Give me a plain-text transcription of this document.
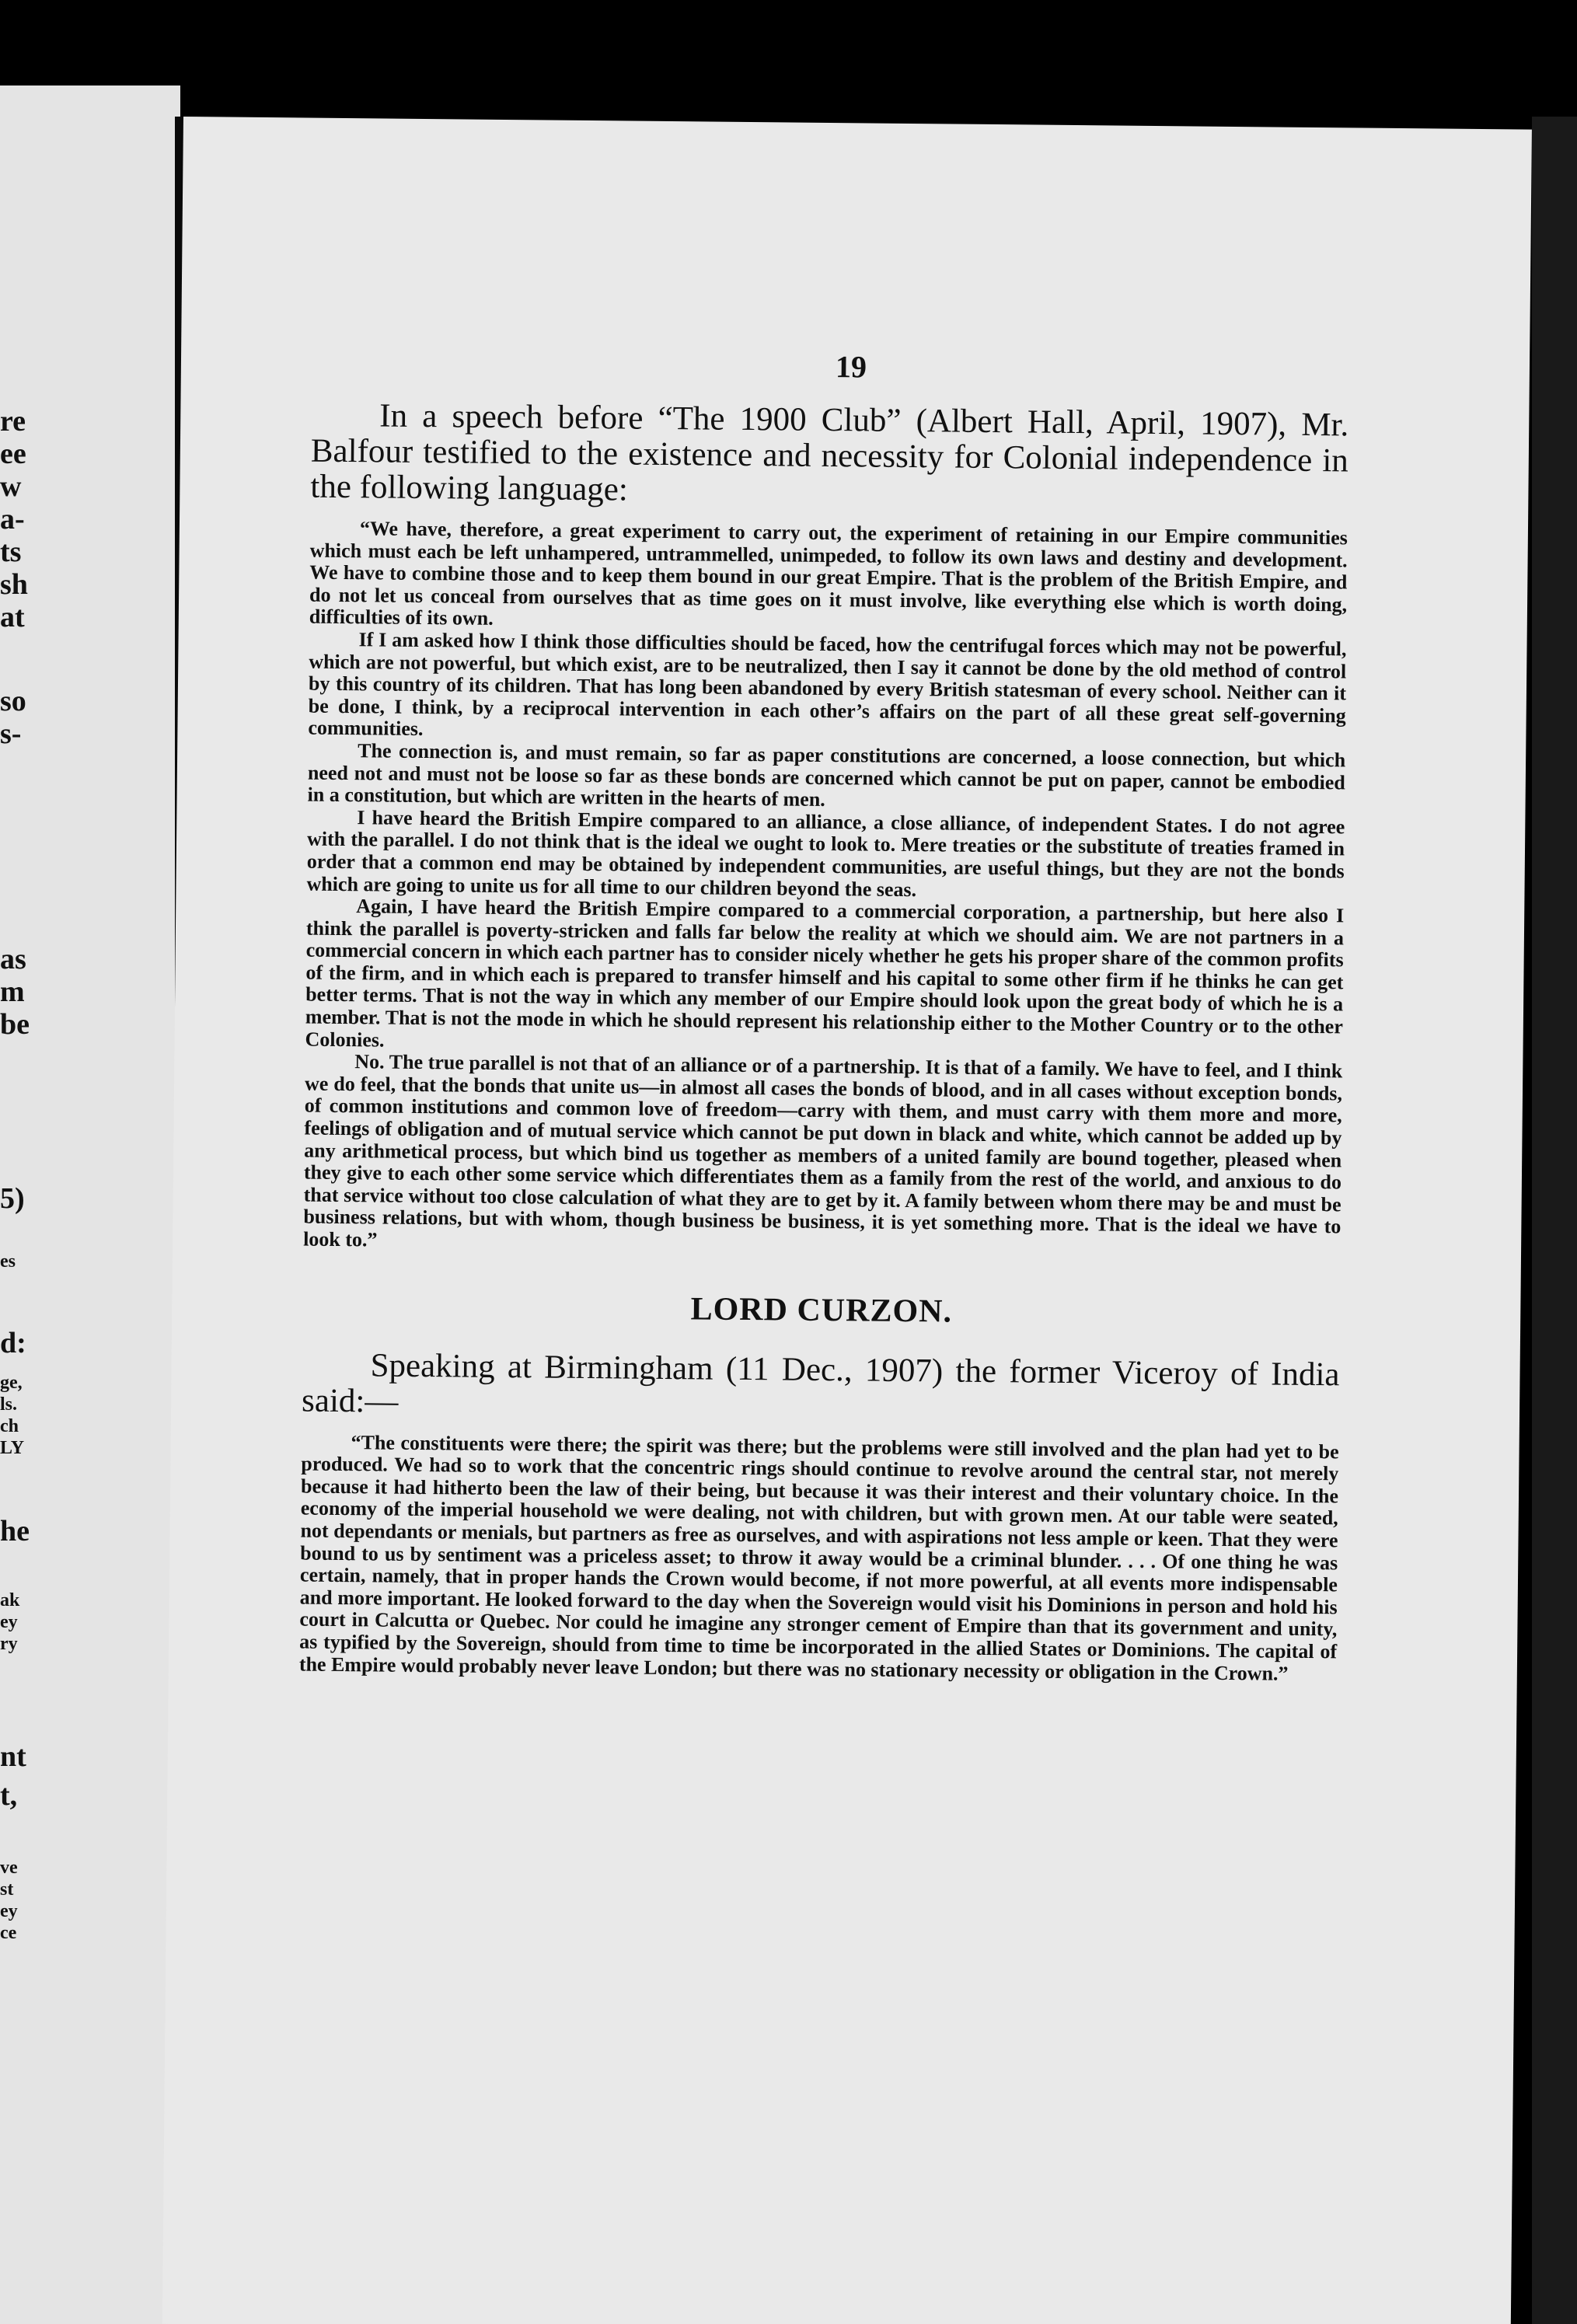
re
ee
w
a-
ts
sh
at
so
s-
as
m
be
5)
es
d:
ge,
ls.
ch
LY
he
ak
ey
ry
nt
t,
ve
st
ey
ce
19

In a speech before “The 1900 Club” (Albert Hall, April, 1907), Mr. Balfour testified to the existence and necessity for Colonial independence in the following language:

“We have, therefore, a great experiment to carry out, the experiment of retaining in our Empire communities which must each be left unhampered, untrammelled, unimpeded, to follow its own laws and destiny and development. We have to combine those and to keep them bound in our great Empire. That is the problem of the British Empire, and do not let us conceal from ourselves that as time goes on it must involve, like everything else which is worth doing, difficulties of its own.

If I am asked how I think those difficulties should be faced, how the centrifugal forces which may not be powerful, which are not powerful, but which exist, are to be neutralized, then I say it cannot be done by the old method of control by this country of its children. That has long been abandoned by every British statesman of every school. Neither can it be done, I think, by a reciprocal intervention in each other’s affairs on the part of all these great self-governing communities.

The connection is, and must remain, so far as paper constitutions are concerned, a loose connection, but which need not and must not be loose so far as these bonds are concerned which cannot be put on paper, cannot be embodied in a constitution, but which are written in the hearts of men.

I have heard the British Empire compared to an alliance, a close alliance, of independent States. I do not agree with the parallel. I do not think that is the ideal we ought to look to. Mere treaties or the substitute of treaties framed in order that a common end may be obtained by independent communities, are useful things, but they are not the bonds which are going to unite us for all time to our children beyond the seas.

Again, I have heard the British Empire compared to a commercial corporation, a partnership, but here also I think the parallel is poverty-stricken and falls far below the reality at which we should aim. We are not partners in a commercial concern in which each partner has to consider nicely whether he gets his proper share of the common profits of the firm, and in which each is prepared to transfer himself and his capital to some other firm if he thinks he can get better terms. That is not the way in which any member of our Empire should look upon the great body of which he is a member. That is not the mode in which he should represent his relationship either to the Mother Country or to the other Colonies.

No. The true parallel is not that of an alliance or of a partnership. It is that of a family. We have to feel, and I think we do feel, that the bonds that unite us—in almost all cases the bonds of blood, and in all cases without exception bonds, of common institutions and common love of freedom—carry with them, and must carry with them more and more, feelings of obligation and of mutual service which cannot be put down in black and white, which cannot be added up by any arithmetical process, but which bind us together as members of a united family are bound together, pleased when they give to each other some service which differentiates them as a family from the rest of the world, and anxious to do that service without too close calculation of what they are to get by it. A family between whom there may be and must be business relations, but with whom, though business be business, it is yet something more. That is the ideal we have to look to.”

LORD CURZON.

Speaking at Birmingham (11 Dec., 1907) the former Viceroy of India said:—

“The constituents were there; the spirit was there; but the problems were still involved and the plan had yet to be produced. We had so to work that the concentric rings should continue to revolve around the central star, not merely because it had hitherto been the law of their being, but because it was their interest and their voluntary choice. In the economy of the imperial household we were dealing, not with children, but with grown men. At our table were seated, not dependants or menials, but partners as free as ourselves, and with aspirations not less ample or keen. That they were bound to us by sentiment was a priceless asset; to throw it away would be a criminal blunder. . . . Of one thing he was certain, namely, that in proper hands the Crown would become, if not more powerful, at all events more indispensable and more important. He looked forward to the day when the Sovereign would visit his Dominions in person and hold his court in Calcutta or Quebec. Nor could he imagine any stronger cement of Empire than that its government and unity, as typified by the Sovereign, should from time to time be incorporated in the allied States or Dominions. The capital of the Empire would probably never leave London; but there was no stationary necessity or obligation in the Crown.”
